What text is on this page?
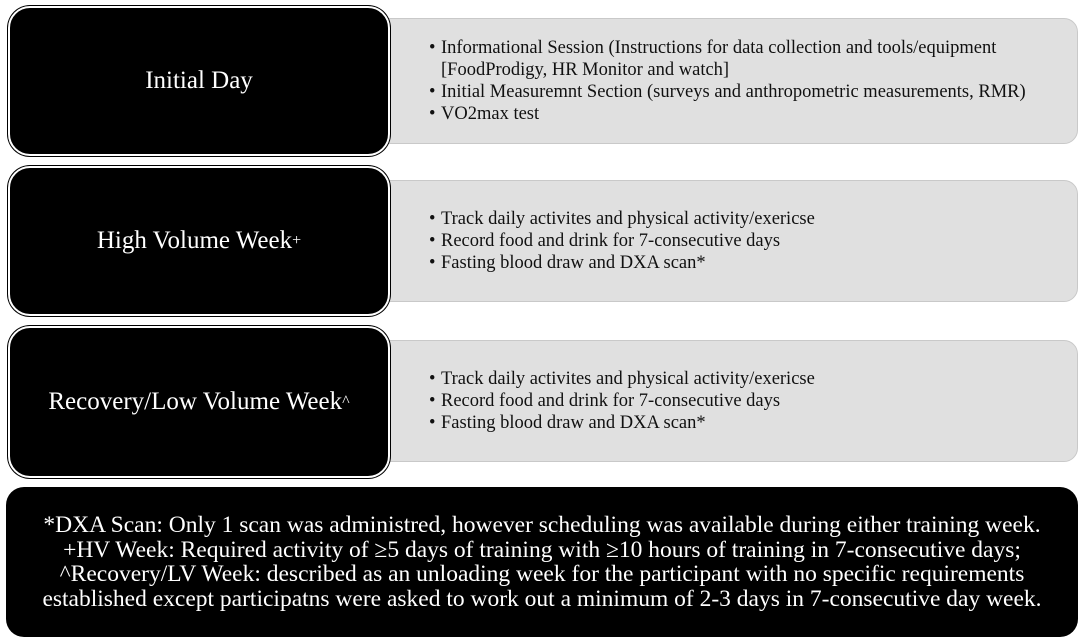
• Informational Session (Instructions for data collection and tools/equipment [FoodProdigy, HR Monitor and watch]
• Initial Measuremnt Section (surveys and anthropometric measurements, RMR)
• VO2max test
Initial Day
• Track daily activites and physical activity/exericse
• Record food and drink for 7-consecutive days
• Fasting blood draw and DXA scan*
High Volume Week +
• Track daily activites and physical activity/exericse
• Record food and drink for 7-consecutive days
• Fasting blood draw and DXA scan*
Recovery/Low Volume Week ^

*DXA Scan: Only 1 scan was administred, however scheduling was available during either training week. +HV Week: Required activity of ≥5 days of training with ≥10 hours of training in 7-consecutive days; ^Recovery/LV Week: described as an unloading week for the participant with no specific requirements established except participatns were asked to work out a minimum of 2-3 days in 7-consecutive day week.
